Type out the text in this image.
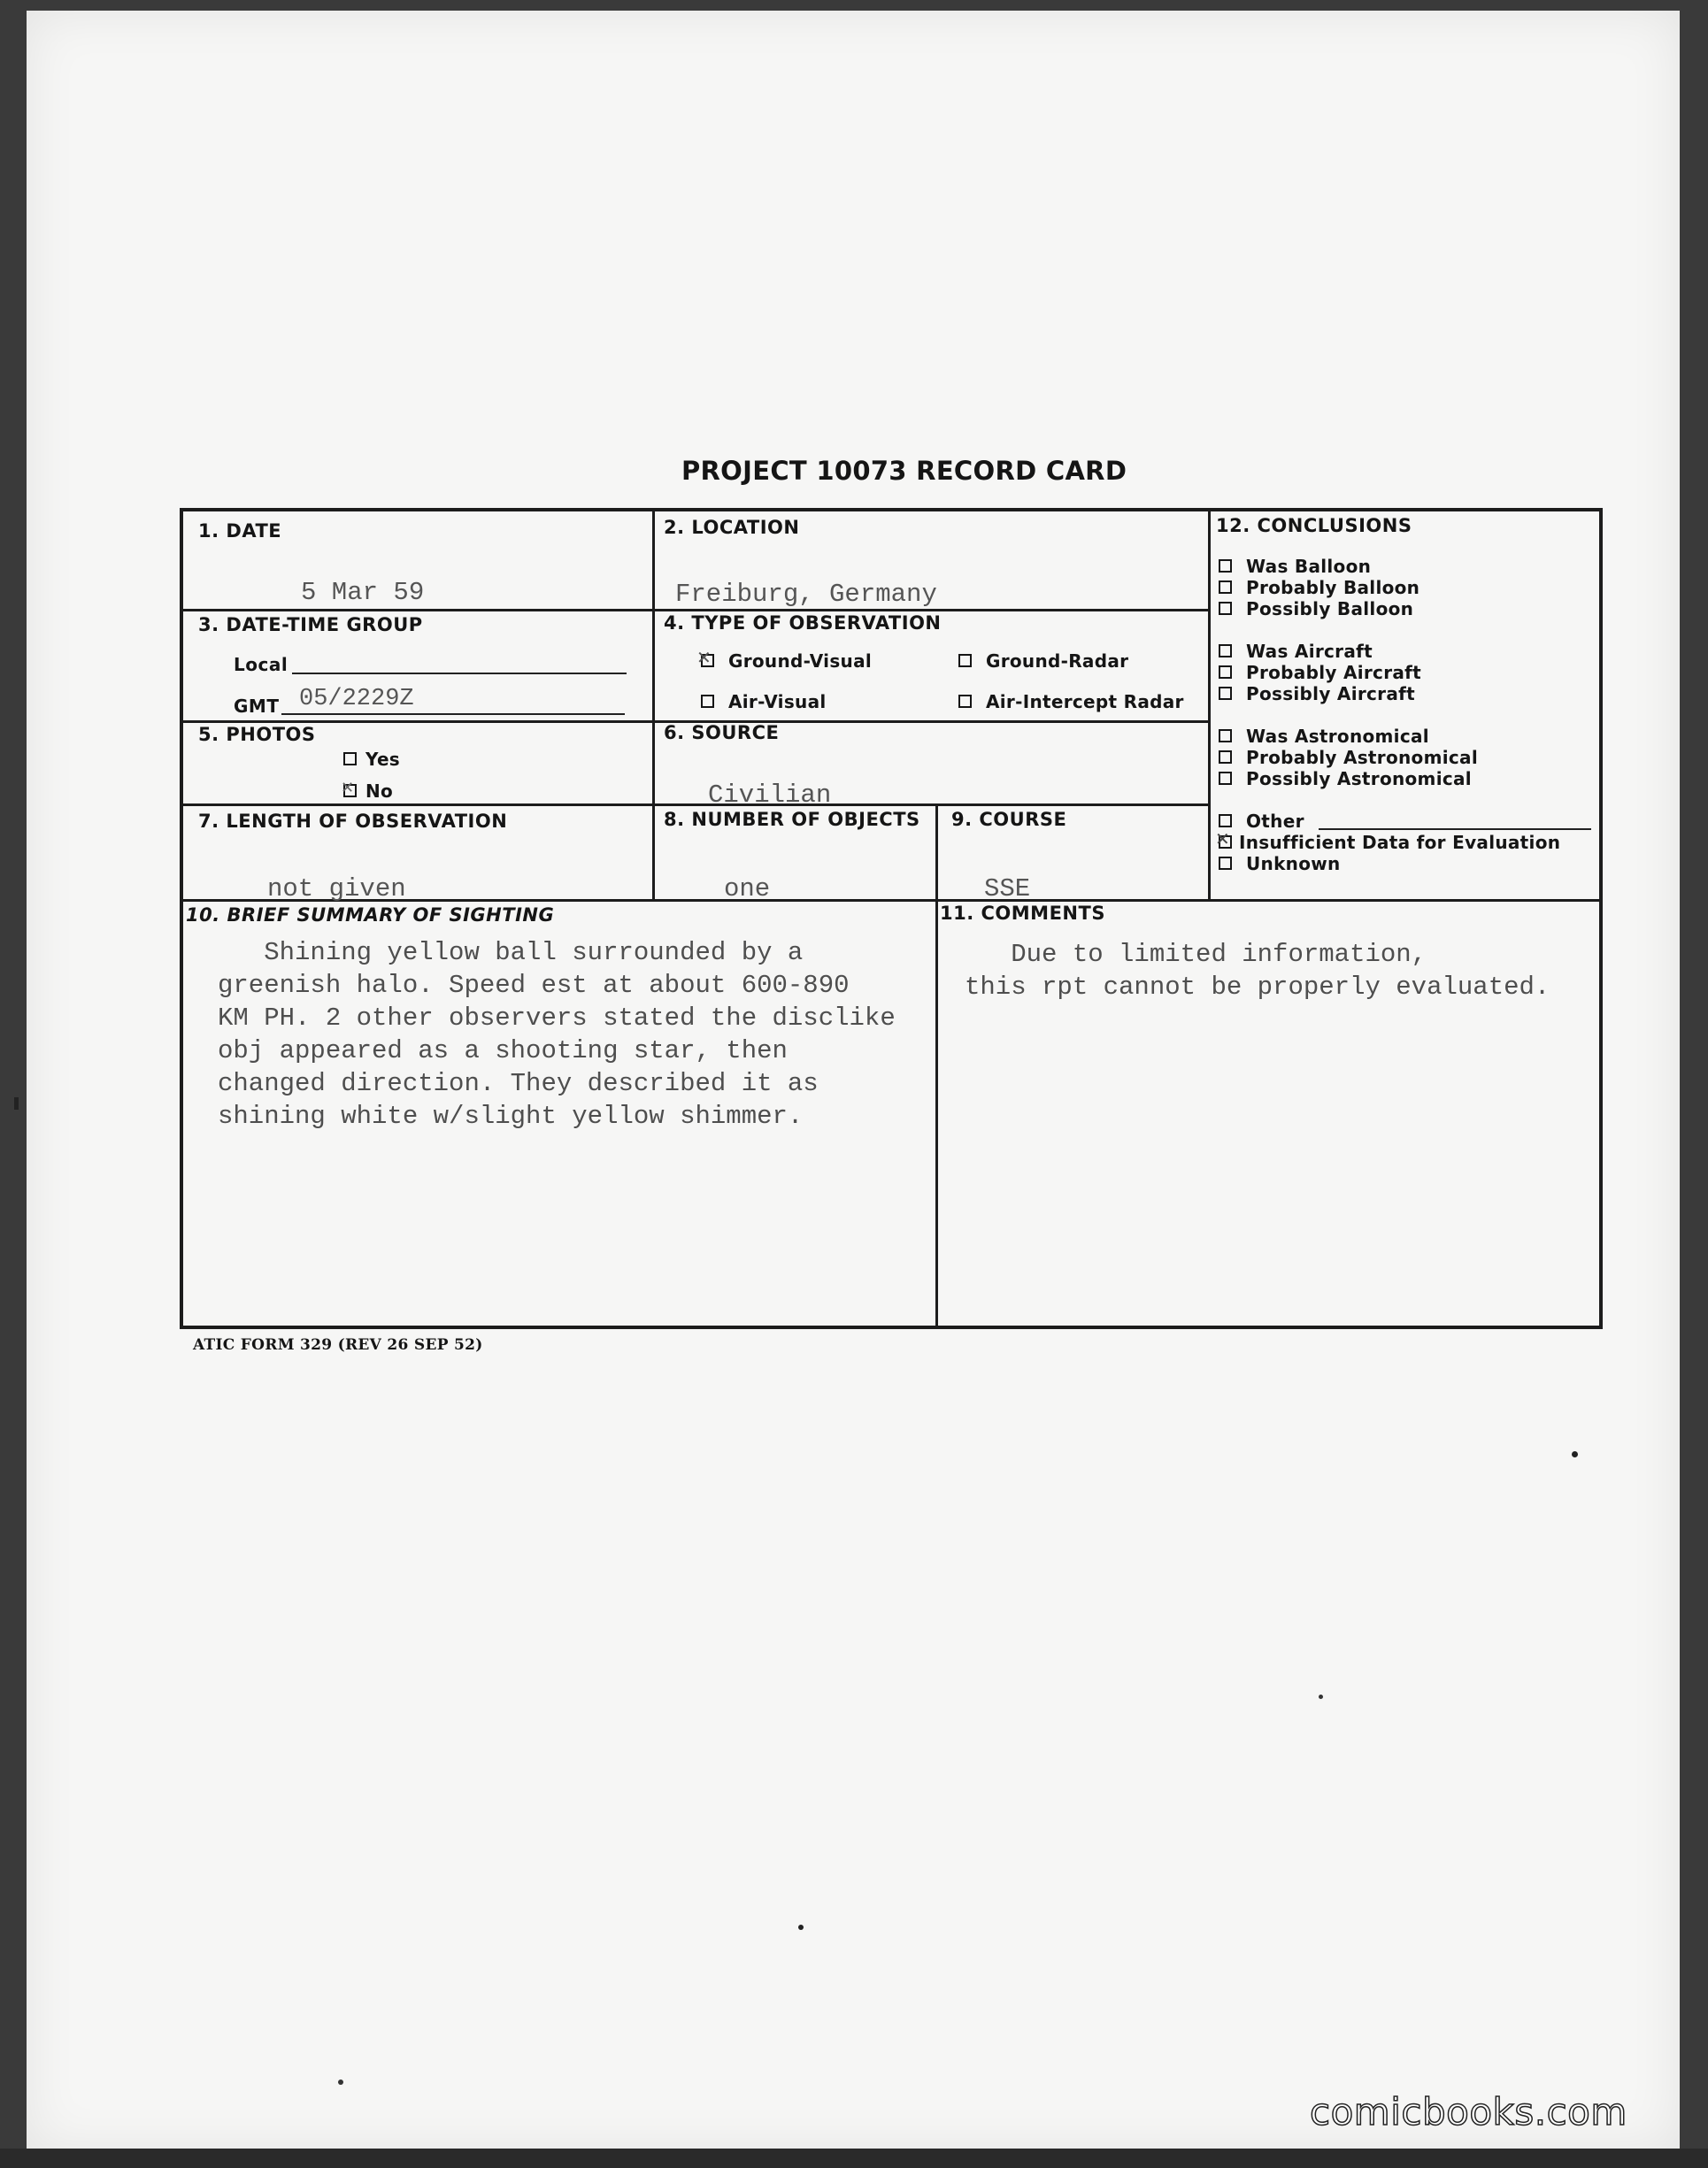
PROJECT 10073 RECORD CARD
1. DATE
5 Mar 59
2. LOCATION
Freiburg, Germany
3. DATE-TIME GROUP
Local
GMT 05/2229Z
4. TYPE OF OBSERVATION
✕ Ground-Visual	Ground-Radar
Air-Visual	Air-Intercept Radar
5. PHOTOS
Yes
✕ No
6. SOURCE
Civilian
7. LENGTH OF OBSERVATION
not given
8. NUMBER OF OBJECTS
one
9. COURSE
SSE
10. BRIEF SUMMARY OF SIGHTING
Shining yellow ball surrounded by a
greenish halo. Speed est at about 600-890
KM PH. 2 other observers stated the disclike
obj appeared as a shooting star, then
changed direction. They described it as
shining white w/slight yellow shimmer.
11. COMMENTS
Due to limited information,
this rpt cannot be properly evaluated.
12. CONCLUSIONS
Was Balloon
Probably Balloon
Possibly Balloon
Was Aircraft
Probably Aircraft
Possibly Aircraft
Was Astronomical
Probably Astronomical
Possibly Astronomical
Other
✕ Insufficient Data for Evaluation
Unknown
ATIC FORM 329 (REV 26 SEP 52)
comicbooks.com
